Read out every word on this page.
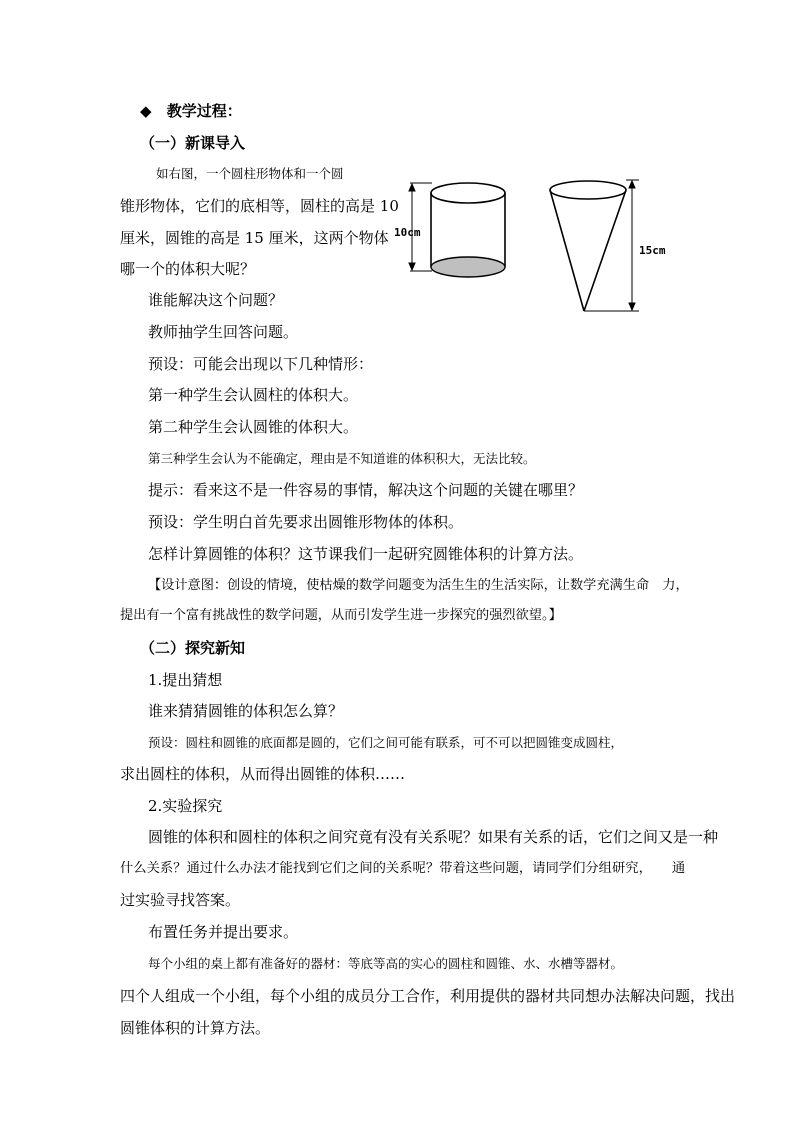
◆ 教学过程：
（一）新课导入
如右图，一个圆柱形物体和一个圆
锥形物体，它们的底相等，圆柱的高是 10
厘米，圆锥的高是 15 厘米，这两个物体
哪一个的体积大呢？
10cm
15cm
谁能解决这个问题？
教师抽学生回答问题。
预设：可能会出现以下几种情形：
第一种学生会认圆柱的体积大。
第二种学生会认圆锥的体积大。
第三种学生会认为不能确定，理由是不知道谁的体积积大，无法比较。
提示：看来这不是一件容易的事情，解决这个问题的关键在哪里？
预设：学生明白首先要求出圆锥形物体的体积。
怎样计算圆锥的体积？这节课我们一起研究圆锥体积的计算方法。
【设计意图：创设的情境，使枯燥的数学问题变为活生生的生活实际，让数学充满生命　力，
提出有一个富有挑战性的数学问题，从而引发学生进一步探究的强烈欲望。】
（二）探究新知
1.提出猜想
谁来猜猜圆锥的体积怎么算？
预设：圆柱和圆锥的底面都是圆的，它们之间可能有联系，可不可以把圆锥变成圆柱，
求出圆柱的体积，从而得出圆锥的体积……
2.实验探究
圆锥的体积和圆柱的体积之间究竟有没有关系呢？如果有关系的话，它们之间又是一种
什么关系？通过什么办法才能找到它们之间的关系呢？带着这些问题，请同学们分组研究，　　通
过实验寻找答案。
布置任务并提出要求。
每个小组的桌上都有准备好的器材：等底等高的实心的圆柱和圆锥、水、水槽等器材。
四个人组成一个小组，每个小组的成员分工合作，利用提供的器材共同想办法解决问题，找出
圆锥体积的计算方法。
